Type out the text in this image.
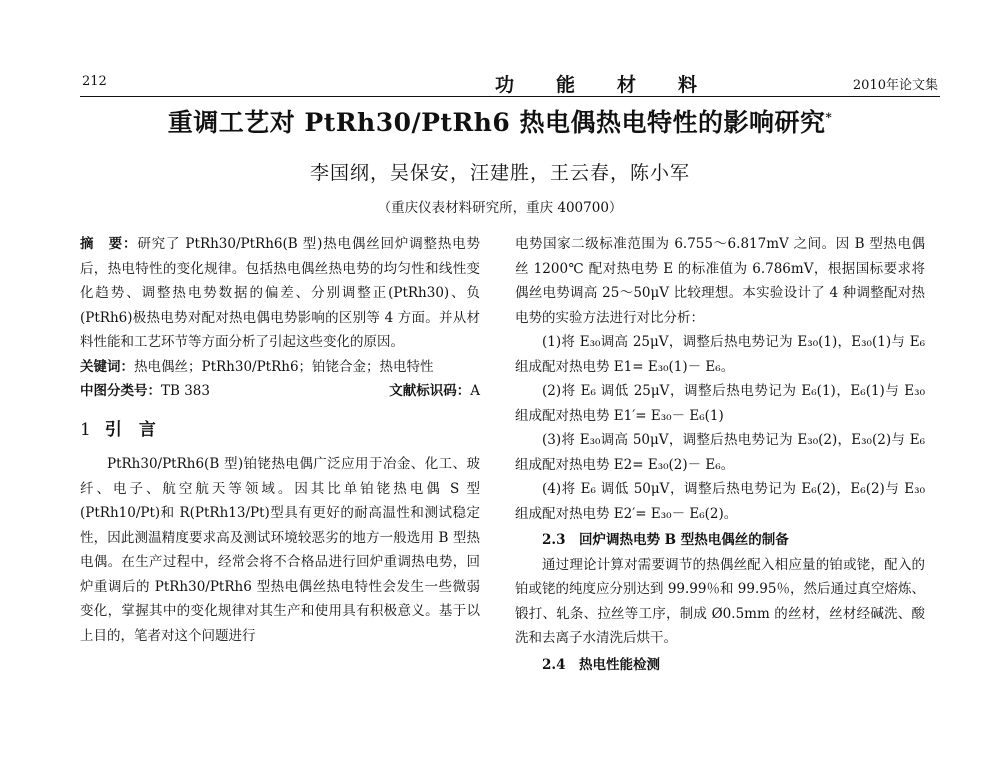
212	功能材料	2010年论文集
重调工艺对 PtRh30/PtRh6 热电偶热电特性的影响研究*
李国纲，吴保安，汪建胜，王云春，陈小军
（重庆仪表材料研究所，重庆 400700）

摘　要：研究了 PtRh30/PtRh6(B 型)热电偶丝回炉调整热电势后，热电特性的变化规律。包括热电偶丝热电势的均匀性和线性变化趋势、调整热电势数据的偏差、分别调整正(PtRh30)、负(PtRh6)极热电势对配对热电偶电势影响的区别等 4 方面。并从材料性能和工艺环节等方面分析了引起这些变化的原因。

关键词： 热电偶丝；PtRh30/PtRh6；铂铑合金；热电特性
中图分类号：TB 383	文献标识码：A
1 引　言

PtRh30/PtRh6(B 型)铂铑热电偶广泛应用于冶金、化工、玻纤、电子、航空航天等领域。因其比单铂铑热电偶 S 型(PtRh10/Pt)和 R(PtRh13/Pt)型具有更好的耐高温性和测试稳定性，因此测温精度要求高及测试环境较恶劣的地方一般选用 B 型热电偶。在生产过程中，经常会将不合格品进行回炉重调热电势，回炉重调后的 PtRh30/PtRh6 型热电偶丝热电特性会发生一些微弱变化，掌握其中的变化规律对其生产和使用具有积极意义。基于以上目的，笔者对这个问题进行

电势国家二级标准范围为 6.755～6.817mV 之间。因 B 型热电偶丝 1200℃ 配对热电势 E 的标准值为 6.786mV，根据国标要求将偶丝电势调高 25～50μV 比较理想。本实验设计了 4 种调整配对热电势的实验方法进行对比分析：

(1)将 E₃₀调高 25μV，调整后热电势记为 E₃₀(1)，E₃₀(1)与 E₆ 组成配对热电势 E1= E₃₀(1)－ E₆。

(2)将 E₆ 调低 25μV，调整后热电势记为 E₆(1)，E₆(1)与 E₃₀组成配对热电势 E1′= E₃₀－ E₆(1)

(3)将 E₃₀调高 50μV，调整后热电势记为 E₃₀(2)，E₃₀(2)与 E₆ 组成配对热电势 E2= E₃₀(2)－ E₆。

(4)将 E₆ 调低 50μV，调整后热电势记为 E₆(2)，E₆(2)与 E₃₀组成配对热电势 E2′= E₃₀－ E₆(2)。

2.3　回炉调热电势 B 型热电偶丝的制备

通过理论计算对需要调节的热偶丝配入相应量的铂或铑，配入的铂或铑的纯度应分别达到 99.99％和 99.95％，然后通过真空熔炼、锻打、轧条、拉丝等工序，制成 Ø0.5mm 的丝材，丝材经碱洗、酸洗和去离子水清洗后烘干。

2.4　热电性能检测
